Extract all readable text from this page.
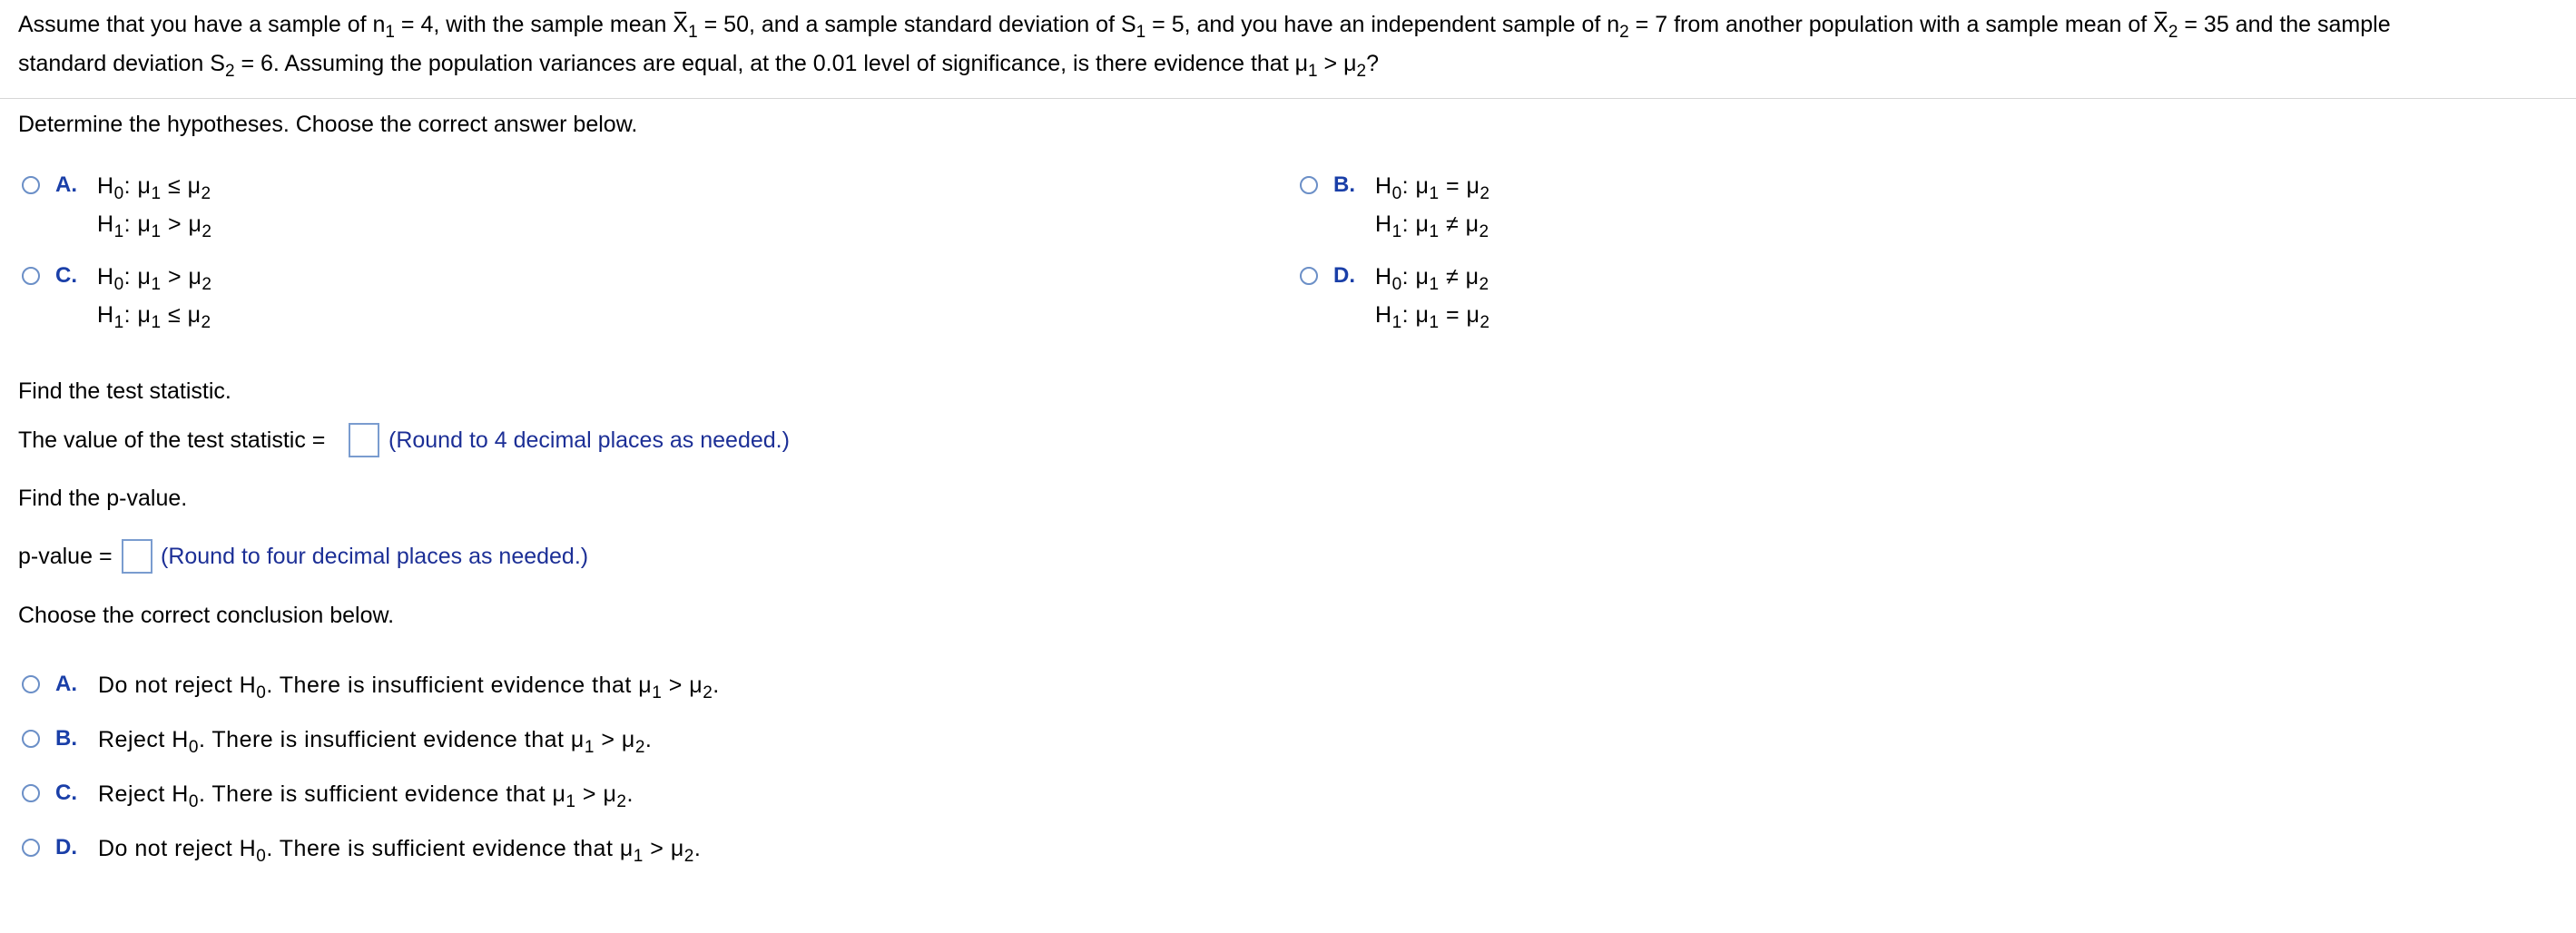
Assume that you have a sample of $n_1 = 4$, with the sample mean $X_1 = 50$, and a sample standard deviation of $S_1 = 5$, and you have an independent sample of $n_2 = 7$ from another population with a sample mean of $X_2 = 35$ and the sample
standard deviation $S_2 = 6$. Assuming the population variances are equal, at the 0.01 level of significance, is there evidence that $\mu_1 > \mu_2$?
Determine the hypotheses. Choose the correct answer below.
A. $H_0$: $\mu_1 \le \mu_2$
$H_1$: $\mu_1 > \mu_2$
B. $H_0$: $\mu_1 = \mu_2$
$H_1$: $\mu_1 \ne \mu_2$
C. $H_0$: $\mu_1 > \mu_2$
$H_1$: $\mu_1 \le \mu_2$
D. $H_0$: $\mu_1 \ne \mu_2$
$H_1$: $\mu_1 = \mu_2$
Find the test statistic.
The value of the test statistic =	(Round to 4 decimal places as needed.)
Find the p-value.
p-value = (Round to four decimal places as needed.)
Choose the correct conclusion below.
A. Do not reject $H_0$. There is insufficient evidence that $\mu_1 > \mu_2$.
B. Reject $H_0$. There is insufficient evidence that $\mu_1 > \mu_2$.
C. Reject $H_0$. There is sufficient evidence that $\mu_1 > \mu_2$.
D. Do not reject $H_0$. There is sufficient evidence that $\mu_1 > \mu_2$.
